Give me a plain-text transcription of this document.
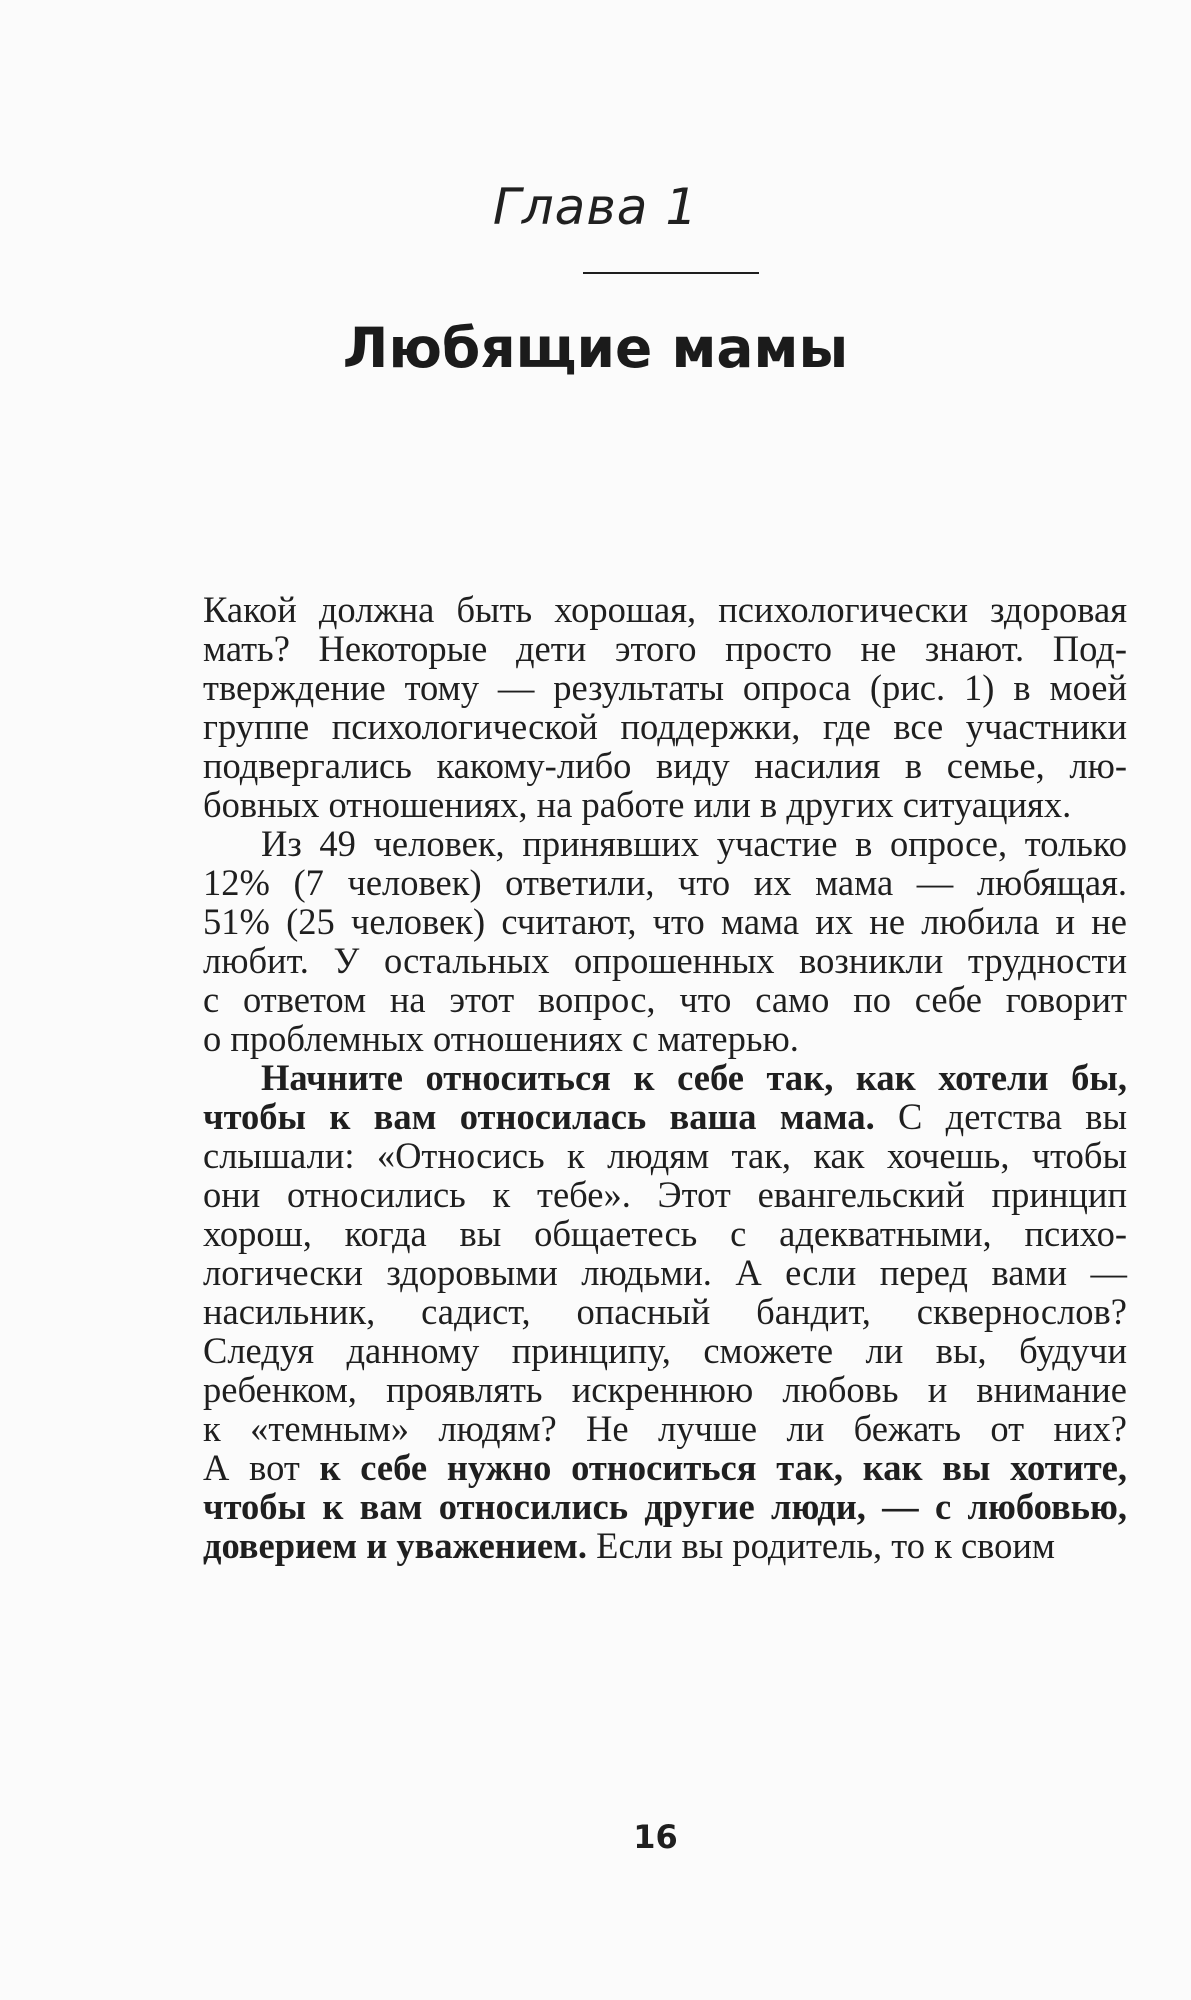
Глава 1
Любящие мамы
Какой должна быть хорошая, психологически здоровая
мать? Некоторые дети этого просто не знают. Под-
тверждение тому — результаты опроса (рис. 1) в моей
группе психологической поддержки, где все участники
подвергались какому-либо виду насилия в семье, лю-
бовных отношениях, на работе или в других ситуациях.
Из 49 человек, принявших участие в опросе, только
12% (7 человек) ответили, что их мама — любящая.
51% (25 человек) считают, что мама их не любила и не
любит. У остальных опрошенных возникли трудности
с ответом на этот вопрос, что само по себе говорит
о проблемных отношениях с матерью.
Начните относиться к себе так, как хотели бы,
чтобы к вам относилась ваша мама. С детства вы
слышали: «Относись к людям так, как хочешь, чтобы
они относились к тебе». Этот евангельский принцип
хорош, когда вы общаетесь с адекватными, психо-
логически здоровыми людьми. А если перед вами —
насильник, садист, опасный бандит, сквернослов?
Следуя данному принципу, сможете ли вы, будучи
ребенком, проявлять искреннюю любовь и внимание
к «темным» людям? Не лучше ли бежать от них?
А вот к себе нужно относиться так, как вы хотите,
чтобы к вам относились другие люди, — с любовью,
доверием и уважением. Если вы родитель, то к своим
16
